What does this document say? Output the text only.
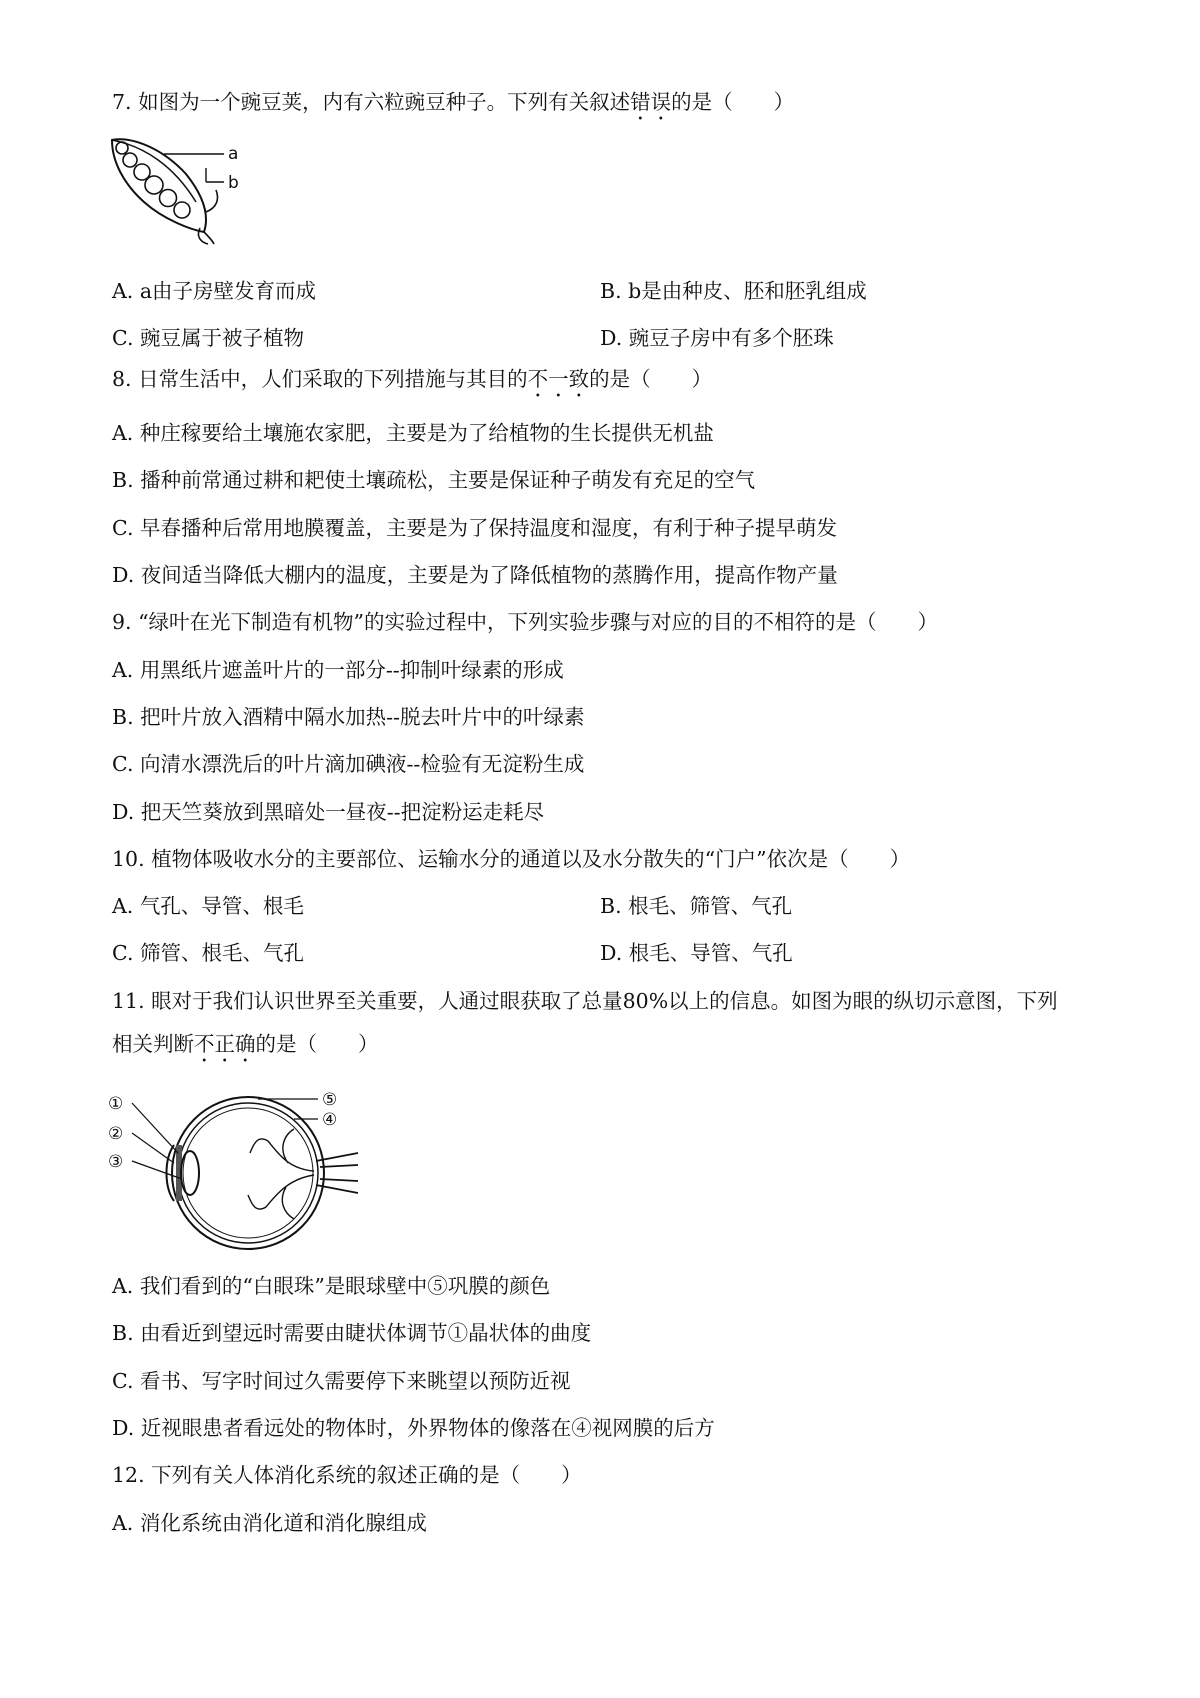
7. 如图为一个豌豆荚，内有六粒豌豆种子。下列有关叙述错误的是（　　）
a
b
A. a由子房壁发育而成	B. b是由种皮、胚和胚乳组成
C. 豌豆属于被子植物	D. 豌豆子房中有多个胚珠
8. 日常生活中，人们采取的下列措施与其目的不一致的是（　　）
A. 种庄稼要给土壤施农家肥，主要是为了给植物的生长提供无机盐
B. 播种前常通过耕和耙使土壤疏松，主要是保证种子萌发有充足的空气
C. 早春播种后常用地膜覆盖，主要是为了保持温度和湿度，有利于种子提早萌发
D. 夜间适当降低大棚内的温度，主要是为了降低植物的蒸腾作用，提高作物产量
9. “绿叶在光下制造有机物”的实验过程中，下列实验步骤与对应的目的不相符的是（　　）
A. 用黑纸片遮盖叶片的一部分--抑制叶绿素的形成
B. 把叶片放入酒精中隔水加热--脱去叶片中的叶绿素
C. 向清水漂洗后的叶片滴加碘液--检验有无淀粉生成
D. 把天竺葵放到黑暗处一昼夜--把淀粉运走耗尽
10. 植物体吸收水分的主要部位、运输水分的通道以及水分散失的“门户”依次是（　　）
A. 气孔、导管、根毛	B. 根毛、筛管、气孔
C. 筛管、根毛、气孔	D. 根毛、导管、气孔
11. 眼对于我们认识世界至关重要，人通过眼获取了总量80%以上的信息。如图为眼的纵切示意图，下列
相关判断不正确的是（　　）
①
②
③
⑤
④
A. 我们看到的“白眼珠”是眼球壁中⑤巩膜的颜色
B. 由看近到望远时需要由睫状体调节①晶状体的曲度
C. 看书、写字时间过久需要停下来眺望以预防近视
D. 近视眼患者看远处的物体时，外界物体的像落在④视网膜的后方
12. 下列有关人体消化系统的叙述正确的是（　　）
A. 消化系统由消化道和消化腺组成
